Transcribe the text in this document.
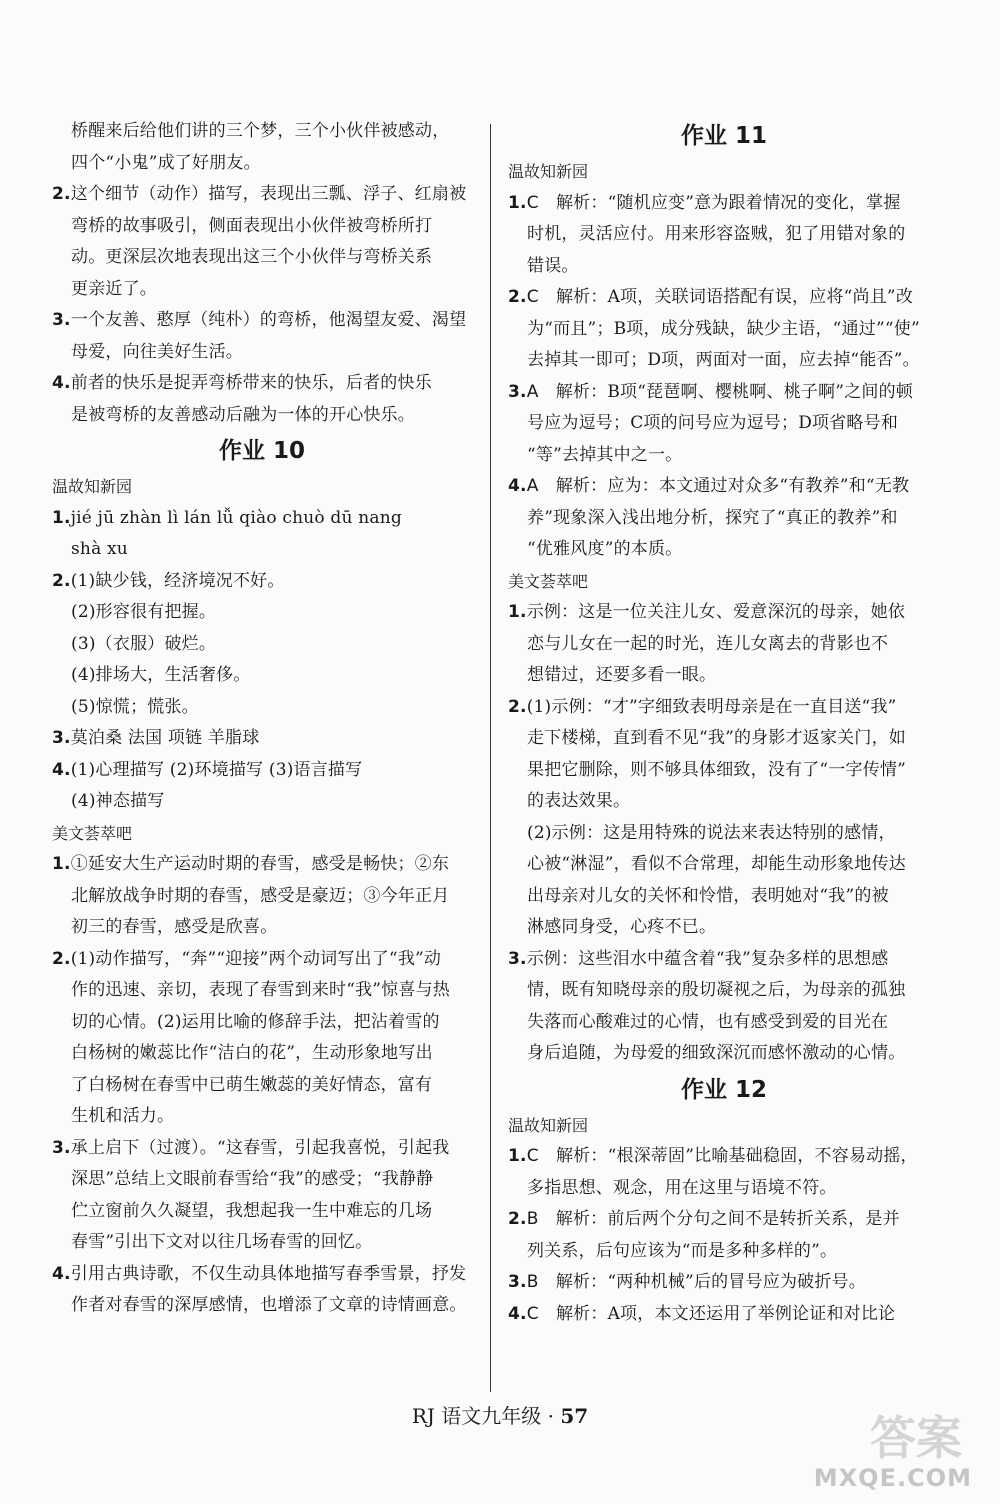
桥醒来后给他们讲的三个梦，三个小伙伴被感动，
四个“小鬼”成了好朋友。
2.这个细节（动作）描写，表现出三瓢、浮子、红扇被
弯桥的故事吸引，侧面表现出小伙伴被弯桥所打
动。更深层次地表现出这三个小伙伴与弯桥关系
更亲近了。
3.一个友善、憨厚（纯朴）的弯桥，他渴望友爱、渴望
母爱，向往美好生活。
4.前者的快乐是捉弄弯桥带来的快乐，后者的快乐
是被弯桥的友善感动后融为一体的开心快乐。
作业 10
温故知新园
1.jié jū zhàn lì lán lǚ qiào chuò dū nang
shà xu
2.(1)缺少钱，经济境况不好。
(2)形容很有把握。
(3)（衣服）破烂。
(4)排场大，生活奢侈。
(5)惊慌；慌张。
3.莫泊桑 法国 项链 羊脂球
4.(1)心理描写 (2)环境描写 (3)语言描写
(4)神态描写
美文荟萃吧
1.①延安大生产运动时期的春雪，感受是畅快；②东
北解放战争时期的春雪，感受是豪迈；③今年正月
初三的春雪，感受是欣喜。
2.(1)动作描写，“奔”“迎接”两个动词写出了“我”动
作的迅速、亲切，表现了春雪到来时“我”惊喜与热
切的心情。(2)运用比喻的修辞手法，把沾着雪的
白杨树的嫩蕊比作“洁白的花”，生动形象地写出
了白杨树在春雪中已萌生嫩蕊的美好情态，富有
生机和活力。
3.承上启下（过渡）。“这春雪，引起我喜悦，引起我
深思”总结上文眼前春雪给“我”的感受；“我静静
伫立窗前久久凝望，我想起我一生中难忘的几场
春雪”引出下文对以往几场春雪的回忆。
4.引用古典诗歌，不仅生动具体地描写春季雪景，抒发
作者对春雪的深厚感情，也增添了文章的诗情画意。
作业 11
温故知新园
1.C 解析：“随机应变”意为跟着情况的变化，掌握
时机，灵活应付。用来形容盗贼，犯了用错对象的
错误。
2.C 解析：A项，关联词语搭配有误，应将“尚且”改
为“而且”；B项，成分残缺，缺少主语，“通过”“使”
去掉其一即可；D项，两面对一面，应去掉“能否”。
3.A 解析：B项“琵琶啊、樱桃啊、桃子啊”之间的顿
号应为逗号；C项的问号应为逗号；D项省略号和
“等”去掉其中之一。
4.A 解析：应为：本文通过对众多“有教养”和“无教
养”现象深入浅出地分析，探究了“真正的教养”和
“优雅风度”的本质。
美文荟萃吧
1.示例：这是一位关注儿女、爱意深沉的母亲，她依
恋与儿女在一起的时光，连儿女离去的背影也不
想错过，还要多看一眼。
2.(1)示例：“才”字细致表明母亲是在一直目送“我”
走下楼梯，直到看不见“我”的身影才返家关门，如
果把它删除，则不够具体细致，没有了“一字传情”
的表达效果。
(2)示例：这是用特殊的说法来表达特别的感情，
心被“淋湿”，看似不合常理，却能生动形象地传达
出母亲对儿女的关怀和怜惜，表明她对“我”的被
淋感同身受，心疼不已。
3.示例：这些泪水中蕴含着“我”复杂多样的思想感
情，既有知晓母亲的殷切凝视之后，为母亲的孤独
失落而心酸难过的心情，也有感受到爱的目光在
身后追随，为母爱的细致深沉而感怀激动的心情。
作业 12
温故知新园
1.C 解析：“根深蒂固”比喻基础稳固，不容易动摇，
多指思想、观念，用在这里与语境不符。
2.B 解析：前后两个分句之间不是转折关系，是并
列关系，后句应该为“而是多种多样的”。
3.B 解析：“两种机械”后的冒号应为破折号。
4.C 解析：A项，本文还运用了举例论证和对比论
RJ 语文九年级 · 57	答案
MXQE.COM
